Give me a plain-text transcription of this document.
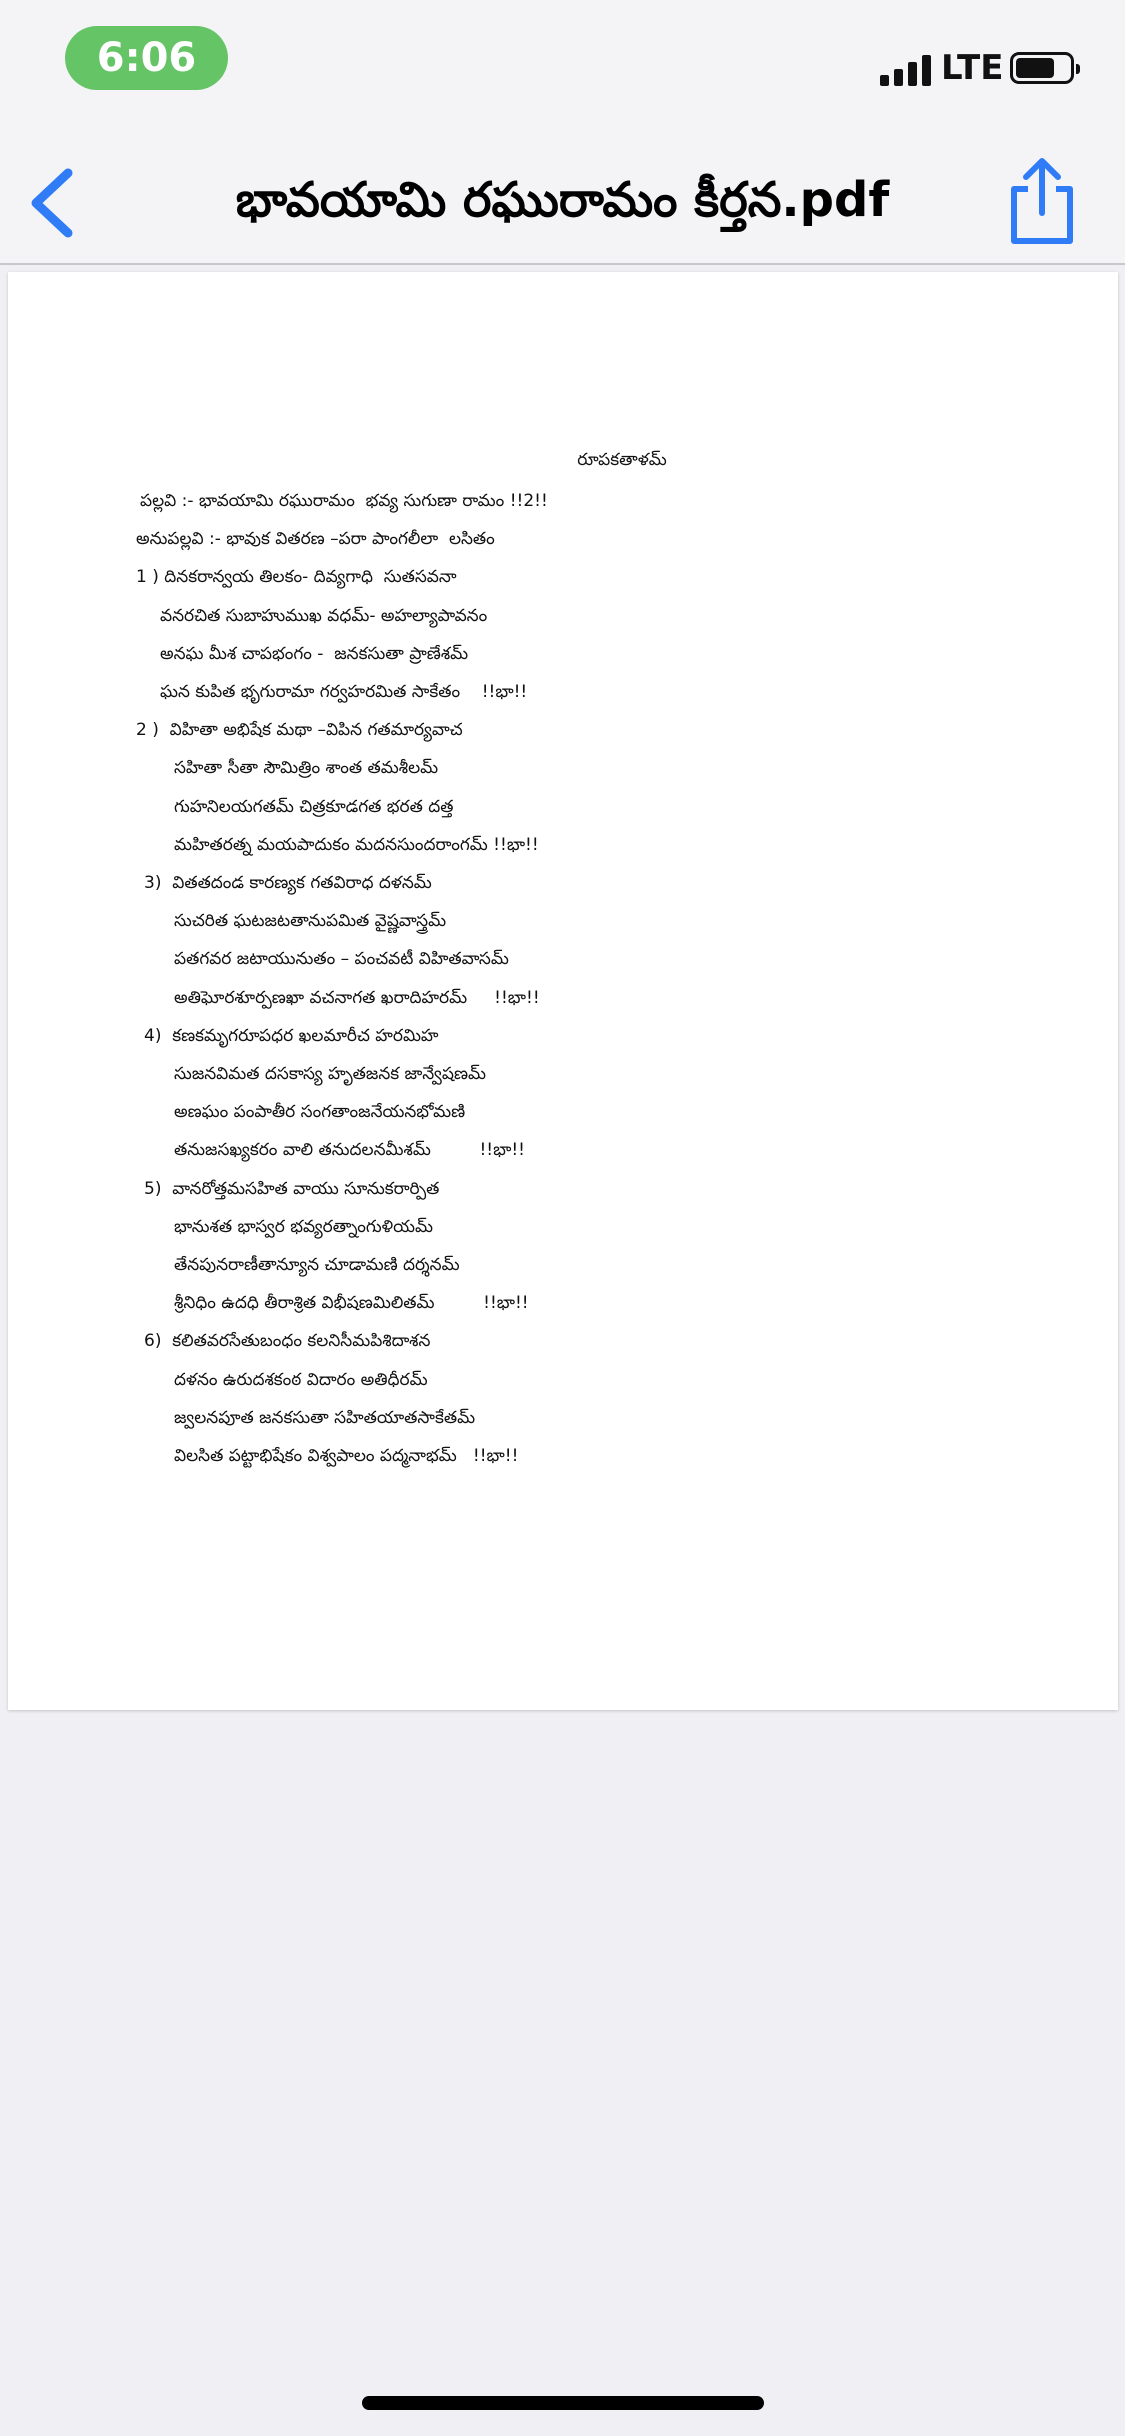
6:06	LTE
భావయామి రఘురామం కీర్తన.pdf
రూపకతాళమ్
పల్లవి :- భావయామి రఘురామం  భవ్య సుగుణా రామం !!2!!
అనుపల్లవి :- భావుక వితరణ –పరా పాంగలీలా  లసితం
1 ) దినకరాన్వయ తిలకం- దివ్యగాధి  సుతసవనా
వనరచిత సుబాహుముఖ వధమ్- అహల్యాపావనం
అనఘ మీశ చాపభంగం -  జనకసుతా ప్రాణేశమ్
ఘన కుపిత భృగురామా గర్వహరమిత సాకేతం    !!భా!!
2 )  విహితా అభిషేక మథా –విపిన గతమార్యవాచ
సహితా సీతా సౌమిత్రిం శాంత తమశీలమ్
గుహనిలయగతమ్ చిత్రకూడగత భరత దత్త
మహితరత్న మయపాదుకం మదనసుందరాంగమ్ !!భా!!
3)  వితతదండ కారణ్యక గతవిరాధ దళనమ్
సుచరిత ఘటజటతానుపమిత వైష్ణవాస్త్రమ్
పతగవర జటాయునుతం – పంచవటీ విహితవాసమ్
అతిఘోరశూర్పణఖా వచనాగత ఖరాదిహరమ్     !!భా!!
4)  కణకమృగరూపధర ఖలమారీచ హరమిహ
సుజనవిమత దసకాస్య హృతజనక జాన్వేషణమ్
అణఘం పంపాతీర సంగతాంజనేయనభోమణి
తనుజసఖ్యకరం వాలి తనుదలనమీశమ్         !!భా!!
5)  వానరోత్తమసహిత వాయు సూనుకరార్పిత
భానుశత భాస్వర భవ్యరత్నాంగుళియమ్
తేనపునరాణీతాన్యూన చూడామణి దర్శనమ్
శ్రీనిధిం ఉదధి తీరాశ్రిత విభీషణమిలితమ్         !!భా!!
6)  కలితవరసేతుబంధం కలనిసీమపిశిదాశన
దళనం ఉరుదశకంఠ విదారం అతిధీరమ్
జ్వలనపూత జనకసుతా సహితయాతసాకేతమ్
విలసిత పట్టాభిషేకం విశ్వపాలం పద్మనాభమ్   !!భా!!
